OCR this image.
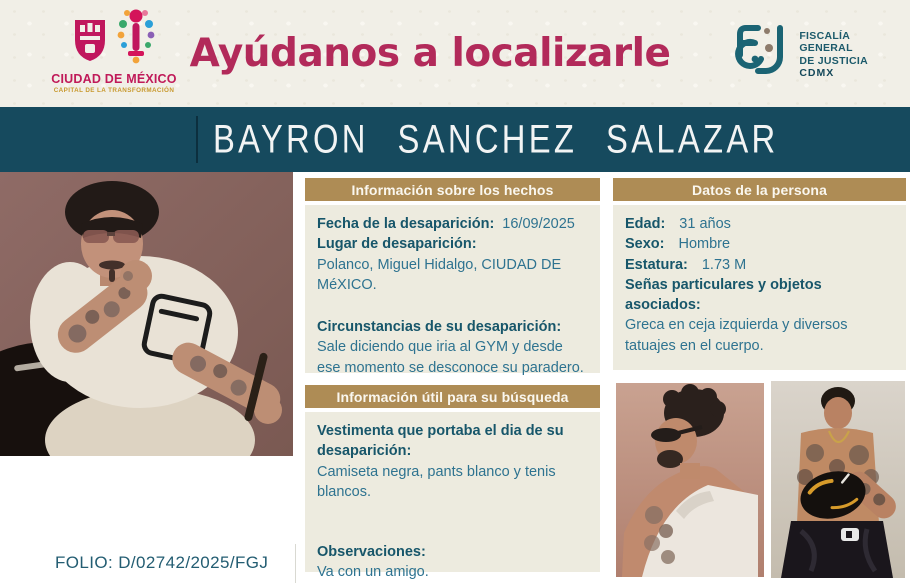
CIUDAD DE MÉXICO
CAPITAL DE LA TRANSFORMACIÓN
Ayúdanos a localizarle	FISCALÍA
GENERAL
DE JUSTICIA
CDMX
BAYRON SANCHEZ SALAZAR
Información sobre los hechos
Fecha de la desaparición: 16/09/2025
Lugar de desaparición:
Polanco, Miguel Hidalgo, CIUDAD DE MéXICO.
Circunstancias de su desaparición:
Sale diciendo que iria al GYM y desde ese momento se desconoce su paradero.
Datos de la persona
Edad: 31 años
Sexo: Hombre
Estatura: 1.73 M
Señas particulares y objetos asociados:
Greca en ceja izquierda y diversos tatuajes en el cuerpo.
Información útil para su búsqueda
Vestimenta que portaba el dia de su desaparición:
Camiseta negra, pants blanco y tenis blancos.
Observaciones:
Va con un amigo.
FOLIO: D/02742/2025/FGJ
